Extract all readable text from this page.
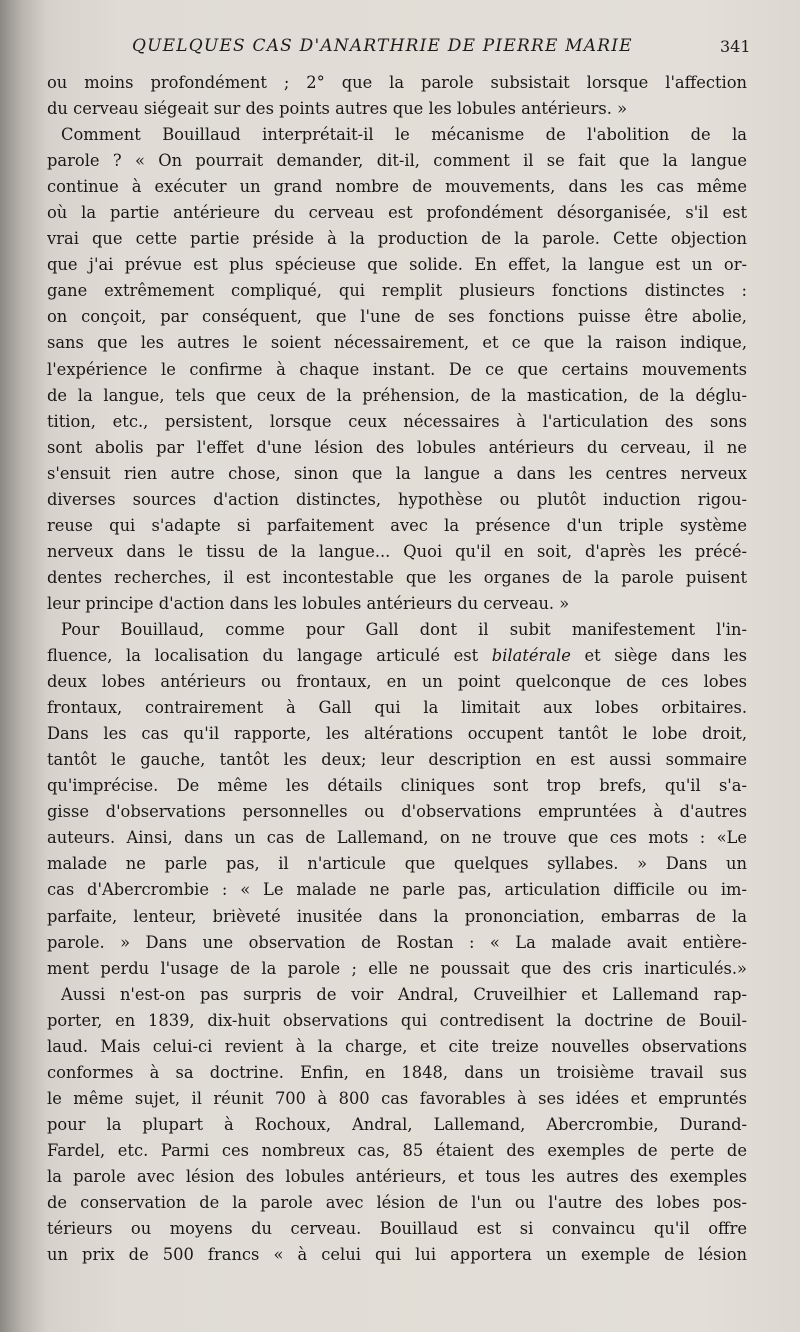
QUELQUES CAS D'ANARTHRIE DE PIERRE MARIE	341
ou moins profondément ; 2° que la parole subsistait lorsque l'affection
du cerveau siégeait sur des points autres que les lobules antérieurs. »
Comment Bouillaud interprétait-il le mécanisme de l'abolition de la
parole ? « On pourrait demander, dit-il, comment il se fait que la langue
continue à exécuter un grand nombre de mouvements, dans les cas même
où la partie antérieure du cerveau est profondément désorganisée, s'il est
vrai que cette partie préside à la production de la parole. Cette objection
que j'ai prévue est plus spécieuse que solide. En effet, la langue est un or-
gane extrêmement compliqué, qui remplit plusieurs fonctions distinctes :
on conçoit, par conséquent, que l'une de ses fonctions puisse être abolie,
sans que les autres le soient nécessairement, et ce que la raison indique,
l'expérience le confirme à chaque instant. De ce que certains mouvements
de la langue, tels que ceux de la préhension, de la mastication, de la déglu-
tition, etc., persistent, lorsque ceux nécessaires à l'articulation des sons
sont abolis par l'effet d'une lésion des lobules antérieurs du cerveau, il ne
s'ensuit rien autre chose, sinon que la langue a dans les centres nerveux
diverses sources d'action distinctes, hypothèse ou plutôt induction rigou-
reuse qui s'adapte si parfaitement avec la présence d'un triple système
nerveux dans le tissu de la langue... Quoi qu'il en soit, d'après les précé-
dentes recherches, il est incontestable que les organes de la parole puisent
leur principe d'action dans les lobules antérieurs du cerveau. »
Pour Bouillaud, comme pour Gall dont il subit manifestement l'in-
fluence, la localisation du langage articulé est bilatérale et siège dans les
deux lobes antérieurs ou frontaux, en un point quelconque de ces lobes
frontaux, contrairement à Gall qui la limitait aux lobes orbitaires.
Dans les cas qu'il rapporte, les altérations occupent tantôt le lobe droit,
tantôt le gauche, tantôt les deux; leur description en est aussi sommaire
qu'imprécise. De même les détails cliniques sont trop brefs, qu'il s'a-
gisse d'observations personnelles ou d'observations empruntées à d'autres
auteurs. Ainsi, dans un cas de Lallemand, on ne trouve que ces mots : «Le
malade ne parle pas, il n'articule que quelques syllabes. » Dans un
cas d'Abercrombie : « Le malade ne parle pas, articulation difficile ou im-
parfaite, lenteur, brièveté inusitée dans la prononciation, embarras de la
parole. » Dans une observation de Rostan : « La malade avait entière-
ment perdu l'usage de la parole ; elle ne poussait que des cris inarticulés.»
Aussi n'est-on pas surpris de voir Andral, Cruveilhier et Lallemand rap-
porter, en 1839, dix-huit observations qui contredisent la doctrine de Bouil-
laud. Mais celui-ci revient à la charge, et cite treize nouvelles observations
conformes à sa doctrine. Enfin, en 1848, dans un troisième travail sus
le même sujet, il réunit 700 à 800 cas favorables à ses idées et empruntés
pour la plupart à Rochoux, Andral, Lallemand, Abercrombie, Durand-
Fardel, etc. Parmi ces nombreux cas, 85 étaient des exemples de perte de
la parole avec lésion des lobules antérieurs, et tous les autres des exemples
de conservation de la parole avec lésion de l'un ou l'autre des lobes pos-
térieurs ou moyens du cerveau. Bouillaud est si convaincu qu'il offre
un prix de 500 francs « à celui qui lui apportera un exemple de lésion
